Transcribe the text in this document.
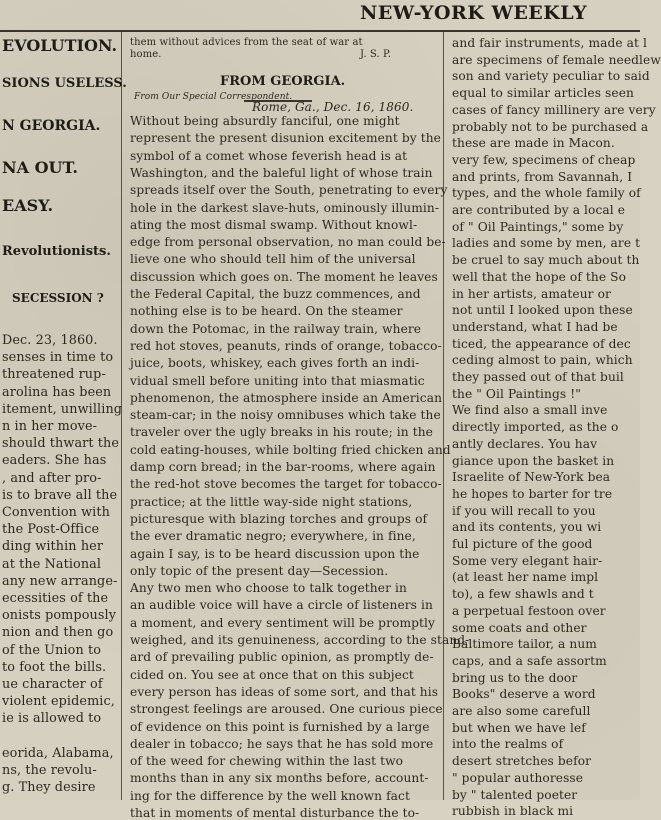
NEW-YORK WEEKLY
EVOLUTION.
SIONS USELESS.
N GEORGIA.
NA OUT.
EASY.
Revolutionists.
SECESSION ?
Dec. 23, 1860.
senses in time to
threatened rup-
arolina has been
itement, unwilling
n in her move-
should thwart the
eaders. She has
, and after pro-
is to brave all the
Convention with
the Post-Office
ding within her
at the National
any new arrange-
ecessities of the
onists pompously
nion and then go
of the Union to
to foot the bills.
ue character of
violent epidemic,
ie is allowed to
eorida, Alabama,
ns, the revolu-
g. They desire
them without advices from the seat of war at
home.	J. S. P.
FROM GEORGIA.
From Our Special Correspondent.
Rome, Ga., Dec. 16, 1860.
Without being absurdly fanciful, one might
represent the present disunion excitement by the
symbol of a comet whose feverish head is at
Washington, and the baleful light of whose train
spreads itself over the South, penetrating to every
hole in the darkest slave-huts, ominously illumin-
ating the most dismal swamp. Without knowl-
edge from personal observation, no man could be-
lieve one who should tell him of the universal
discussion which goes on. The moment he leaves
the Federal Capital, the buzz commences, and
nothing else is to be heard. On the steamer
down the Potomac, in the railway train, where
red hot stoves, peanuts, rinds of orange, tobacco-
juice, boots, whiskey, each gives forth an indi-
vidual smell before uniting into that miasmatic
phenomenon, the atmosphere inside an American
steam-car; in the noisy omnibuses which take the
traveler over the ugly breaks in his route; in the
cold eating-houses, while bolting fried chicken and
damp corn bread; in the bar-rooms, where again
the red-hot stove becomes the target for tobacco-
practice; at the little way-side night stations,
picturesque with blazing torches and groups of
the ever dramatic negro; everywhere, in fine,
again I say, is to be heard discussion upon the
only topic of the present day—Secession.
Any two men who choose to talk together in
an audible voice will have a circle of listeners in
a moment, and every sentiment will be promptly
weighed, and its genuineness, according to the stand-
ard of prevailing public opinion, as promptly de-
cided on. You see at once that on this subject
every person has ideas of some sort, and that his
strongest feelings are aroused. One curious piece
of evidence on this point is furnished by a large
dealer in tobacco; he says that he has sold more
of the weed for chewing within the last two
months than in any six months before, account-
ing for the difference by the well known fact
that in moments of mental disturbance the to-
and fair instruments, made at l
are specimens of female needlew
son and variety peculiar to said
equal to similar articles seen
cases of fancy millinery are very
probably not to be purchased a
these are made in Macon.
very few, specimens of cheap
and prints, from Savannah, I
types, and the whole family of
are contributed by a local e
of " Oil Paintings," some by
ladies and some by men, are t
be cruel to say much about th
well that the hope of the So
in her artists, amateur or
not until I looked upon these
understand, what I had be
ticed, the appearance of dec
ceding almost to pain, which
they passed out of that buil
the " Oil Paintings !"
We find also a small inve
directly imported, as the o
antly declares. You hav
giance upon the basket in
Israelite of New-York bea
he hopes to barter for tre
if you will recall to you
and its contents, you wi
ful picture of the good
Some very elegant hair-
(at least her name impl
to), a few shawls and t
a perpetual festoon over
some coats and other
Baltimore tailor, a num
caps, and a safe assortm
bring us to the door
Books" deserve a word
are also some carefull
but when we have lef
into the realms of
desert stretches befor
" popular authoresse
by " talented poeter
rubbish in black mi
